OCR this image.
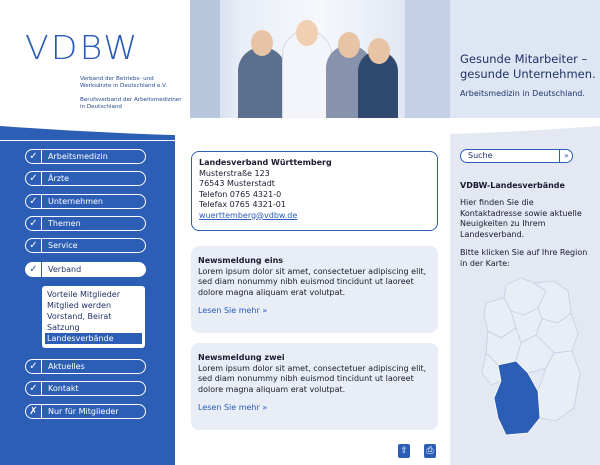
VDBW
Verband der Betriebs- und Werksärzte in Deutschland e.V.
Berufsverband der Arbeitsmediziner in Deutschland
Gesunde Mitarbeiter –
gesunde Unternehmen.
Arbeitsmedizin in Deutschland.
✓	Arbeitsmedizin
✓	Ärzte
✓	Unternehmen
✓	Themen
✓	Service
✓	Verband
Vorteile Mitglieder
Mitglied werden
Vorstand, Beirat
Satzung
Landesverbände
✓	Aktuelles
✓	Kontakt
✗	Nur für Mitglieder
Landesverband Württemberg
Musterstraße 123
76543 Musterstadt
Telefon 0765 4321-0
Telefax 0765 4321-01
wuerttemberg@vdbw.de
Newsmeldung eins
Lorem ipsum dolor sit amet, consectetuer adipiscing elit, sed diam nonummy nibh euismod tincidunt ut laoreet dolore magna aliquam erat volutpat.
Lesen Sie mehr »
Newsmeldung zwei
Lorem ipsum dolor sit amet, consectetuer adipiscing elit, sed diam nonummy nibh euismod tincidunt ut laoreet dolore magna aliquam erat volutpat.
Lesen Sie mehr »
⇧ ⎙
Suche	»
VDBW-Landesverbände
Hier finden Sie die Kontaktadresse sowie aktuelle Neuigkeiten zu Ihrem Landesverband.
Bitte klicken Sie auf Ihre Region in der Karte:
